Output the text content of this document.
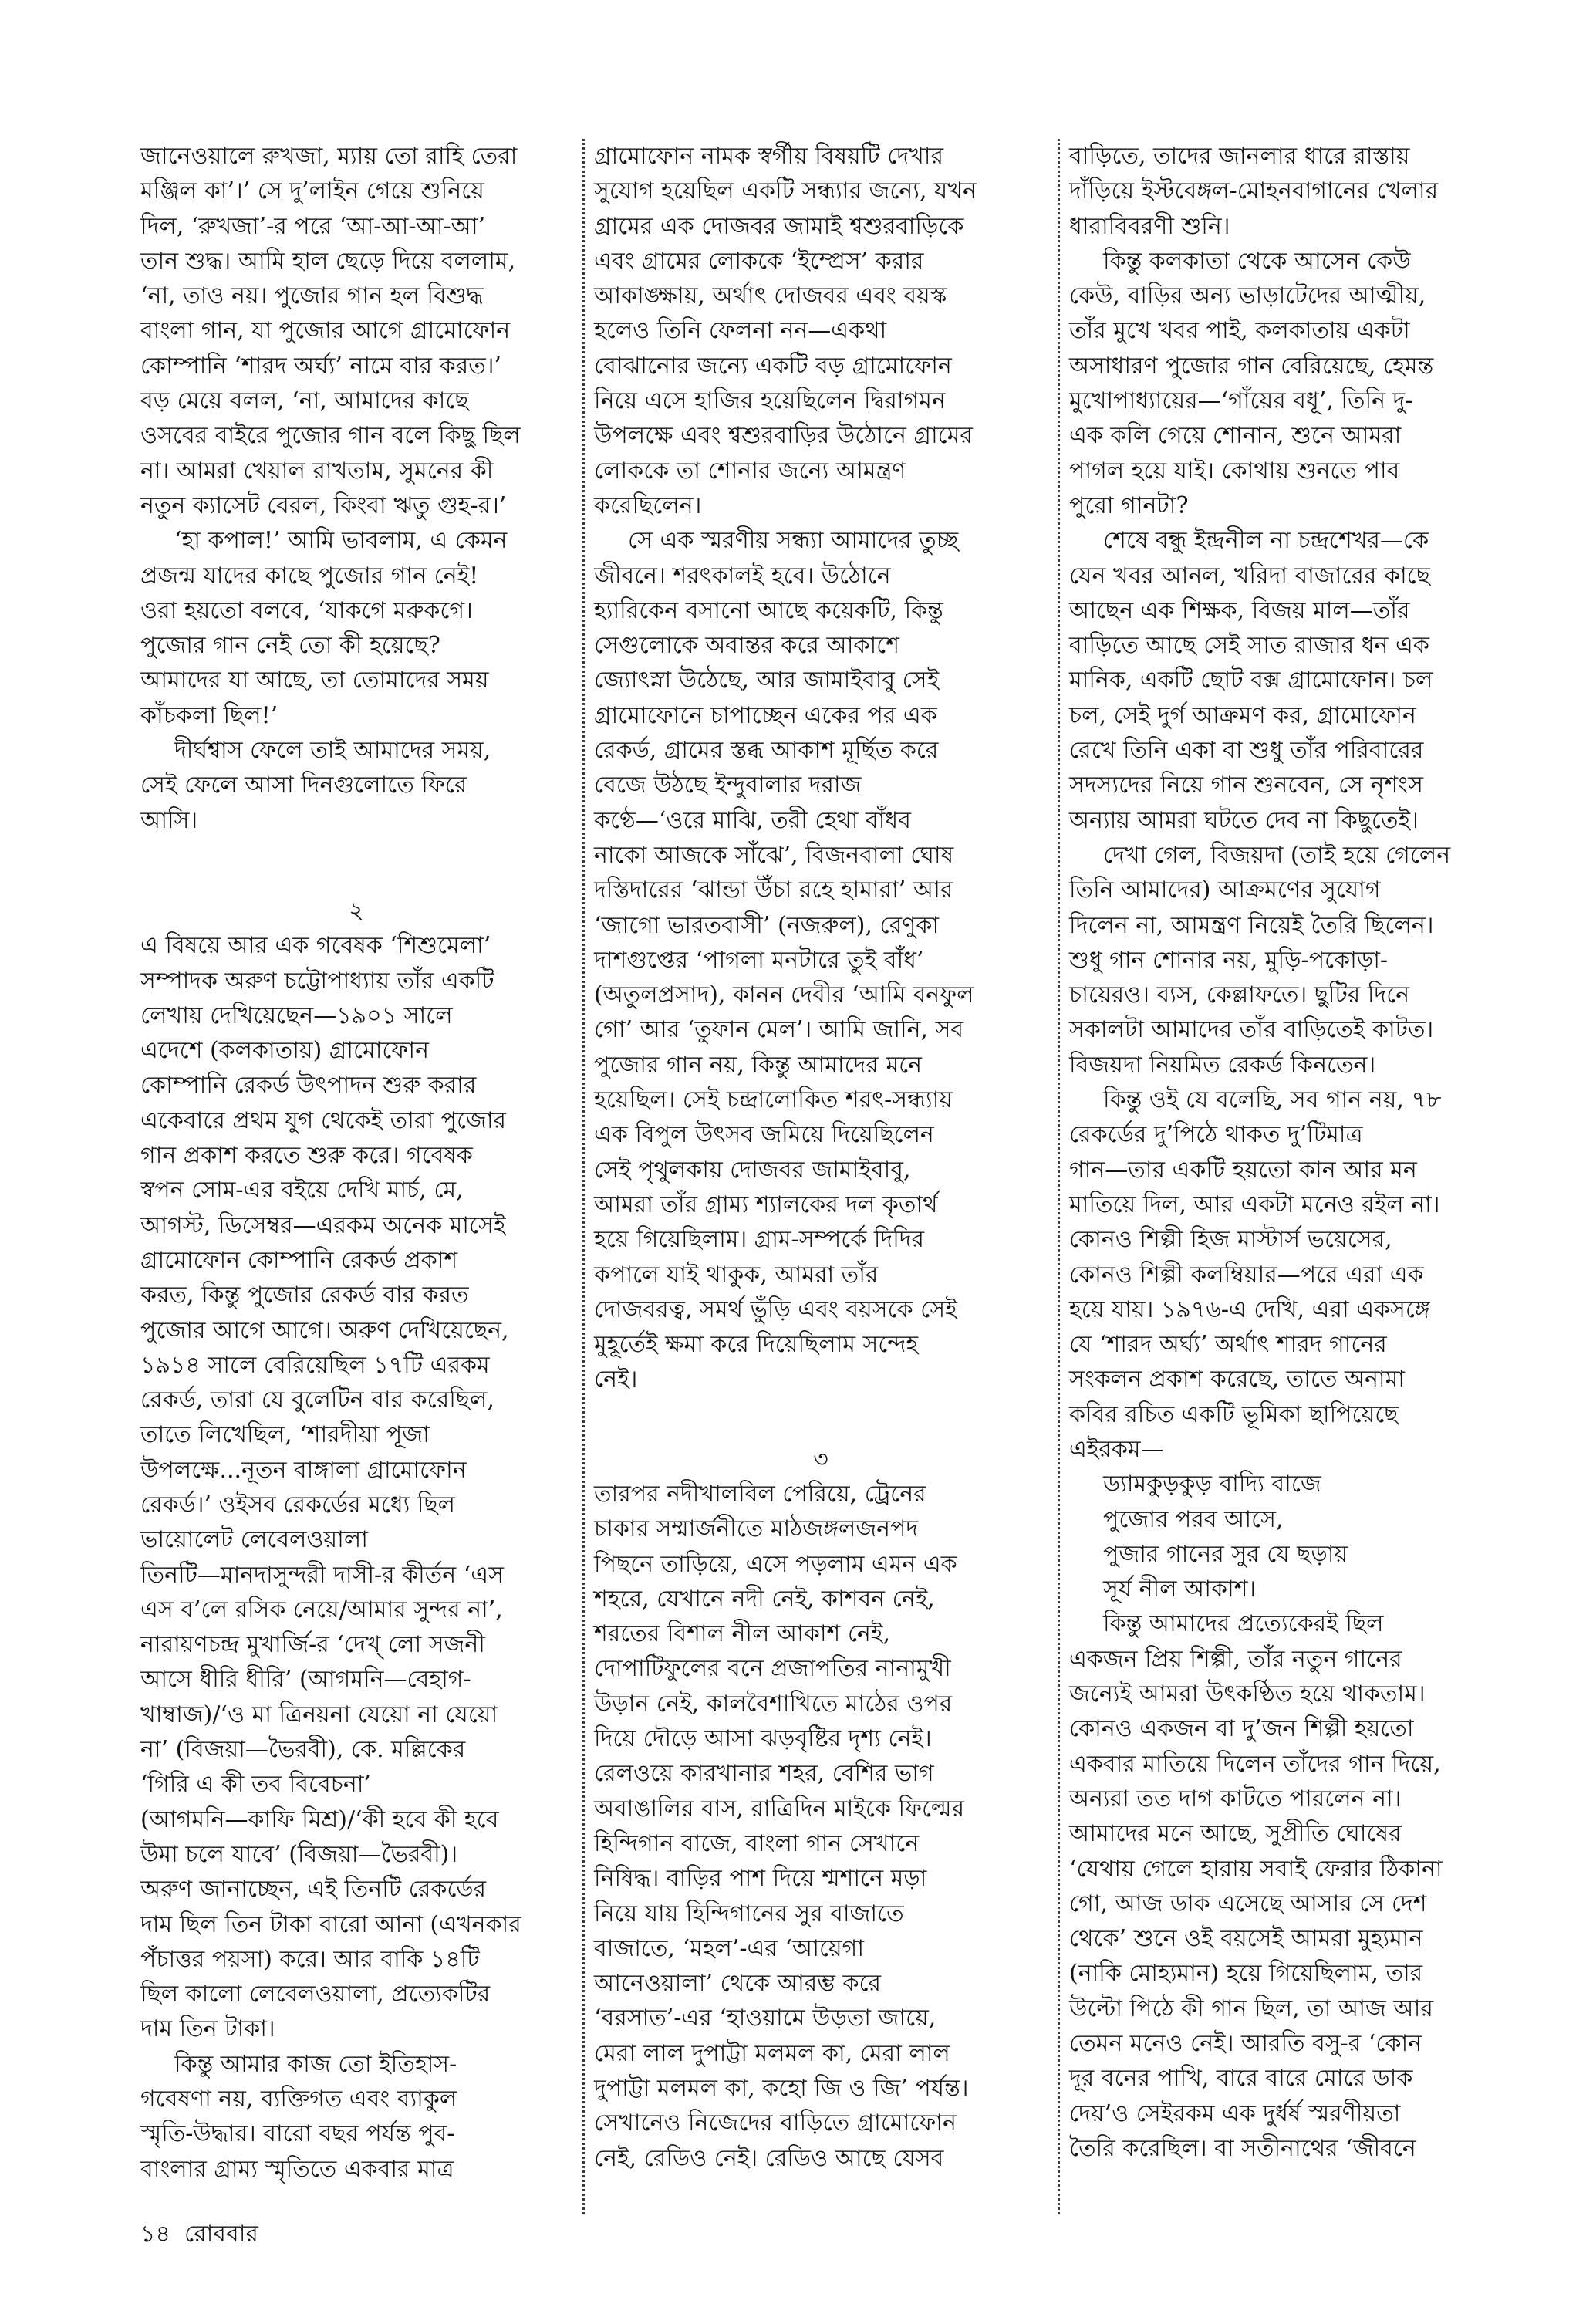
জানেওয়ালে রুখজা, ম্যায় তো রাহি তেরা
মঞ্জিল কা’।’ সে দু’লাইন গেয়ে শুনিয়ে
দিল, ‘রুখজা’-র পরে ‘আ-আ-আ-আ’
তান শুদ্ধ। আমি হাল ছেড়ে দিয়ে বললাম,
‘না, তাও নয়। পুজোর গান হল বিশুদ্ধ
বাংলা গান, যা পুজোর আগে গ্রামোফোন
কোম্পানি ‘শারদ অর্ঘ্য’ নামে বার করত।’
বড় মেয়ে বলল, ‘না, আমাদের কাছে
ওসবের বাইরে পুজোর গান বলে কিছু ছিল
না। আমরা খেয়াল রাখতাম, সুমনের কী
নতুন ক্যাসেট বেরল, কিংবা ঋতু গুহ-র।’

‘হা কপাল!’ আমি ভাবলাম, এ কেমন
প্রজন্ম যাদের কাছে পুজোর গান নেই!
ওরা হয়তো বলবে, ‘যাকগে মরুকগে।
পুজোর গান নেই তো কী হয়েছে?
আমাদের যা আছে, তা তোমাদের সময়
কাঁচকলা ছিল!’

দীর্ঘশ্বাস ফেলে তাই আমাদের সময়,
সেই ফেলে আসা দিনগুলোতে ফিরে
আসি।

২

এ বিষয়ে আর এক গবেষক ‘শিশুমেলা’
সম্পাদক অরুণ চট্টোপাধ্যায় তাঁর একটি
লেখায় দেখিয়েছেন—১৯০১ সালে
এদেশে (কলকাতায়) গ্রামোফোন
কোম্পানি রেকর্ড উৎপাদন শুরু করার
একেবারে প্রথম যুগ থেকেই তারা পুজোর
গান প্রকাশ করতে শুরু করে। গবেষক
স্বপন সোম-এর বইয়ে দেখি মার্চ, মে,
আগস্ট, ডিসেম্বর—এরকম অনেক মাসেই
গ্রামোফোন কোম্পানি রেকর্ড প্রকাশ
করত, কিন্তু পুজোর রেকর্ড বার করত
পুজোর আগে আগে। অরুণ দেখিয়েছেন,
১৯১৪ সালে বেরিয়েছিল ১৭টি এরকম
রেকর্ড, তারা যে বুলেটিন বার করেছিল,
তাতে লিখেছিল, ‘শারদীয়া পূজা
উপলক্ষে...নূতন বাঙ্গালা গ্রামোফোন
রেকর্ড।’ ওইসব রেকর্ডের মধ্যে ছিল
ভায়োলেট লেবেলওয়ালা
তিনটি—মানদাসুন্দরী দাসী-র কীর্তন ‘এস
এস ব’লে রসিক নেয়ে/আমার সুন্দর না’,
নারায়ণচন্দ্র মুখার্জি-র ‘দেখ্ লো সজনী
আসে ধীরি ধীরি’ (আগমনি—বেহাগ-
খাম্বাজ)/‘ও মা ত্রিনয়না যেয়ো না যেয়ো
না’ (বিজয়া—ভৈরবী), কে. মল্লিকের
‘গিরি এ কী তব বিবেচনা’
(আগমনি—কাফি মিশ্র)/‘কী হবে কী হবে
উমা চলে যাবে’ (বিজয়া—ভৈরবী)।
অরুণ জানাচ্ছেন, এই তিনটি রেকর্ডের
দাম ছিল তিন টাকা বারো আনা (এখনকার
পঁচাত্তর পয়সা) করে। আর বাকি ১৪টি
ছিল কালো লেবেলওয়ালা, প্রত্যেকটির
দাম তিন টাকা।

কিন্তু আমার কাজ তো ইতিহাস-
গবেষণা নয়, ব্যক্তিগত এবং ব্যাকুল
স্মৃতি-উদ্ধার। বারো বছর পর্যন্ত পুব-
বাংলার গ্রাম্য স্মৃতিতে একবার মাত্র

গ্রামোফোন নামক স্বর্গীয় বিষয়টি দেখার
সুযোগ হয়েছিল একটি সন্ধ্যার জন্যে, যখন
গ্রামের এক দোজবর জামাই শ্বশুরবাড়িকে
এবং গ্রামের লোককে ‘ইম্প্রেস’ করার
আকাঙ্ক্ষায়, অর্থাৎ দোজবর এবং বয়স্ক
হলেও তিনি ফেলনা নন—একথা
বোঝানোর জন্যে একটি বড় গ্রামোফোন
নিয়ে এসে হাজির হয়েছিলেন দ্বিরাগমন
উপলক্ষে এবং শ্বশুরবাড়ির উঠোনে গ্রামের
লোককে তা শোনার জন্যে আমন্ত্রণ
করেছিলেন।

সে এক স্মরণীয় সন্ধ্যা আমাদের তুচ্ছ
জীবনে। শরৎকালই হবে। উঠোনে
হ্যারিকেন বসানো আছে কয়েকটি, কিন্তু
সেগুলোকে অবান্তর করে আকাশে
জ্যোৎস্না উঠেছে, আর জামাইবাবু সেই
গ্রামোফোনে চাপাচ্ছেন একের পর এক
রেকর্ড, গ্রামের স্তব্ধ আকাশ মূর্ছিত করে
বেজে উঠছে ইন্দুবালার দরাজ
কণ্ঠে—‘ওরে মাঝি, তরী হেথা বাঁধব
নাকো আজকে সাঁঝে’, বিজনবালা ঘোষ
দস্তিদারের ‘ঝান্ডা উঁচা রহে হামারা’ আর
‘জাগো ভারতবাসী’ (নজরুল), রেণুকা
দাশগুপ্তের ‘পাগলা মনটারে তুই বাঁধ’
(অতুলপ্রসাদ), কানন দেবীর ‘আমি বনফুল
গো’ আর ‘তুফান মেল’। আমি জানি, সব
পুজোর গান নয়, কিন্তু আমাদের মনে
হয়েছিল। সেই চন্দ্রালোকিত শরৎ-সন্ধ্যায়
এক বিপুল উৎসব জমিয়ে দিয়েছিলেন
সেই পৃথুলকায় দোজবর জামাইবাবু,
আমরা তাঁর গ্রাম্য শ্যালকের দল কৃতার্থ
হয়ে গিয়েছিলাম। গ্রাম-সম্পর্কে দিদির
কপালে যাই থাকুক, আমরা তাঁর
দোজবরত্ব, সমর্থ ভুঁড়ি এবং বয়সকে সেই
মুহূর্তেই ক্ষমা করে দিয়েছিলাম সন্দেহ
নেই।

৩

তারপর নদীখালবিল পেরিয়ে, ট্রেনের
চাকার সম্মার্জনীতে মাঠজঙ্গলজনপদ
পিছনে তাড়িয়ে, এসে পড়লাম এমন এক
শহরে, যেখানে নদী নেই, কাশবন নেই,
শরতের বিশাল নীল আকাশ নেই,
দোপাটিফুলের বনে প্রজাপতির নানামুখী
উড়ান নেই, কালবৈশাখিতে মাঠের ওপর
দিয়ে দৌড়ে আসা ঝড়বৃষ্টির দৃশ্য নেই।
রেলওয়ে কারখানার শহর, বেশির ভাগ
অবাঙালির বাস, রাত্রিদিন মাইকে ফিল্মের
হিন্দিগান বাজে, বাংলা গান সেখানে
নিষিদ্ধ। বাড়ির পাশ দিয়ে শ্মশানে মড়া
নিয়ে যায় হিন্দিগানের সুর বাজাতে
বাজাতে, ‘মহল’-এর ‘আয়েগা
আনেওয়ালা’ থেকে আরম্ভ করে
‘বরসাত’-এর ‘হাওয়ামে উড়তা জায়ে,
মেরা লাল দুপাট্টা মলমল কা, মেরা লাল
দুপাট্টা মলমল কা, কহো জি ও জি’ পর্যন্ত।
সেখানেও নিজেদের বাড়িতে গ্রামোফোন
নেই, রেডিও নেই। রেডিও আছে যেসব

বাড়িতে, তাদের জানলার ধারে রাস্তায়
দাঁড়িয়ে ইস্টবেঙ্গল-মোহনবাগানের খেলার
ধারাবিবরণী শুনি।

কিন্তু কলকাতা থেকে আসেন কেউ
কেউ, বাড়ির অন্য ভাড়াটেদের আত্মীয়,
তাঁর মুখে খবর পাই, কলকাতায় একটা
অসাধারণ পুজোর গান বেরিয়েছে, হেমন্ত
মুখোপাধ্যায়ের—‘গাঁয়ের বধূ’, তিনি দু-
এক কলি গেয়ে শোনান, শুনে আমরা
পাগল হয়ে যাই। কোথায় শুনতে পাব
পুরো গানটা?

শেষে বন্ধু ইন্দ্রনীল না চন্দ্রশেখর—কে
যেন খবর আনল, খরিদা বাজারের কাছে
আছেন এক শিক্ষক, বিজয় মাল—তাঁর
বাড়িতে আছে সেই সাত রাজার ধন এক
মানিক, একটি ছোট বক্স গ্রামোফোন। চল
চল, সেই দুর্গ আক্রমণ কর, গ্রামোফোন
রেখে তিনি একা বা শুধু তাঁর পরিবারের
সদস্যদের নিয়ে গান শুনবেন, সে নৃশংস
অন্যায় আমরা ঘটতে দেব না কিছুতেই।

দেখা গেল, বিজয়দা (তাই হয়ে গেলেন
তিনি আমাদের) আক্রমণের সুযোগ
দিলেন না, আমন্ত্রণ নিয়েই তৈরি ছিলেন।
শুধু গান শোনার নয়, মুড়ি-পকোড়া-
চায়েরও। ব্যস, কেল্লাফতে। ছুটির দিনে
সকালটা আমাদের তাঁর বাড়িতেই কাটত।
বিজয়দা নিয়মিত রেকর্ড কিনতেন।

কিন্তু ওই যে বলেছি, সব গান নয়, ৭৮
রেকর্ডের দু’পিঠে থাকত দু’টিমাত্র
গান—তার একটি হয়তো কান আর মন
মাতিয়ে দিল, আর একটা মনেও রইল না।
কোনও শিল্পী হিজ মাস্টার্স ভয়েসের,
কোনও শিল্পী কলম্বিয়ার—পরে এরা এক
হয়ে যায়। ১৯৭৬-এ দেখি, এরা একসঙ্গে
যে ‘শারদ অর্ঘ্য’ অর্থাৎ শারদ গানের
সংকলন প্রকাশ করেছে, তাতে অনামা
কবির রচিত একটি ভূমিকা ছাপিয়েছে
এইরকম—

ড্যামকুড়কুড় বাদ্যি বাজে
পুজোর পরব আসে,
পুজার গানের সুর যে ছড়ায়
সূর্য নীল আকাশ।

কিন্তু আমাদের প্রত্যেকেরই ছিল
একজন প্রিয় শিল্পী, তাঁর নতুন গানের
জন্যেই আমরা উৎকণ্ঠিত হয়ে থাকতাম।
কোনও একজন বা দু’জন শিল্পী হয়তো
একবার মাতিয়ে দিলেন তাঁদের গান দিয়ে,
অন্যরা তত দাগ কাটতে পারলেন না।
আমাদের মনে আছে, সুপ্রীতি ঘোষের
‘যেথায় গেলে হারায় সবাই ফেরার ঠিকানা
গো, আজ ডাক এসেছে আসার সে দেশ
থেকে’ শুনে ওই বয়সেই আমরা মুহ্যমান
(নাকি মোহ্যমান) হয়ে গিয়েছিলাম, তার
উল্টো পিঠে কী গান ছিল, তা আজ আর
তেমন মনেও নেই। আরতি বসু-র ‘কোন
দূর বনের পাখি, বারে বারে মোরে ডাক
দেয়’ও সেইরকম এক দুর্ধর্ষ স্মরণীয়তা
তৈরি করেছিল। বা সতীনাথের ‘জীবনে

১৪ রোববার
